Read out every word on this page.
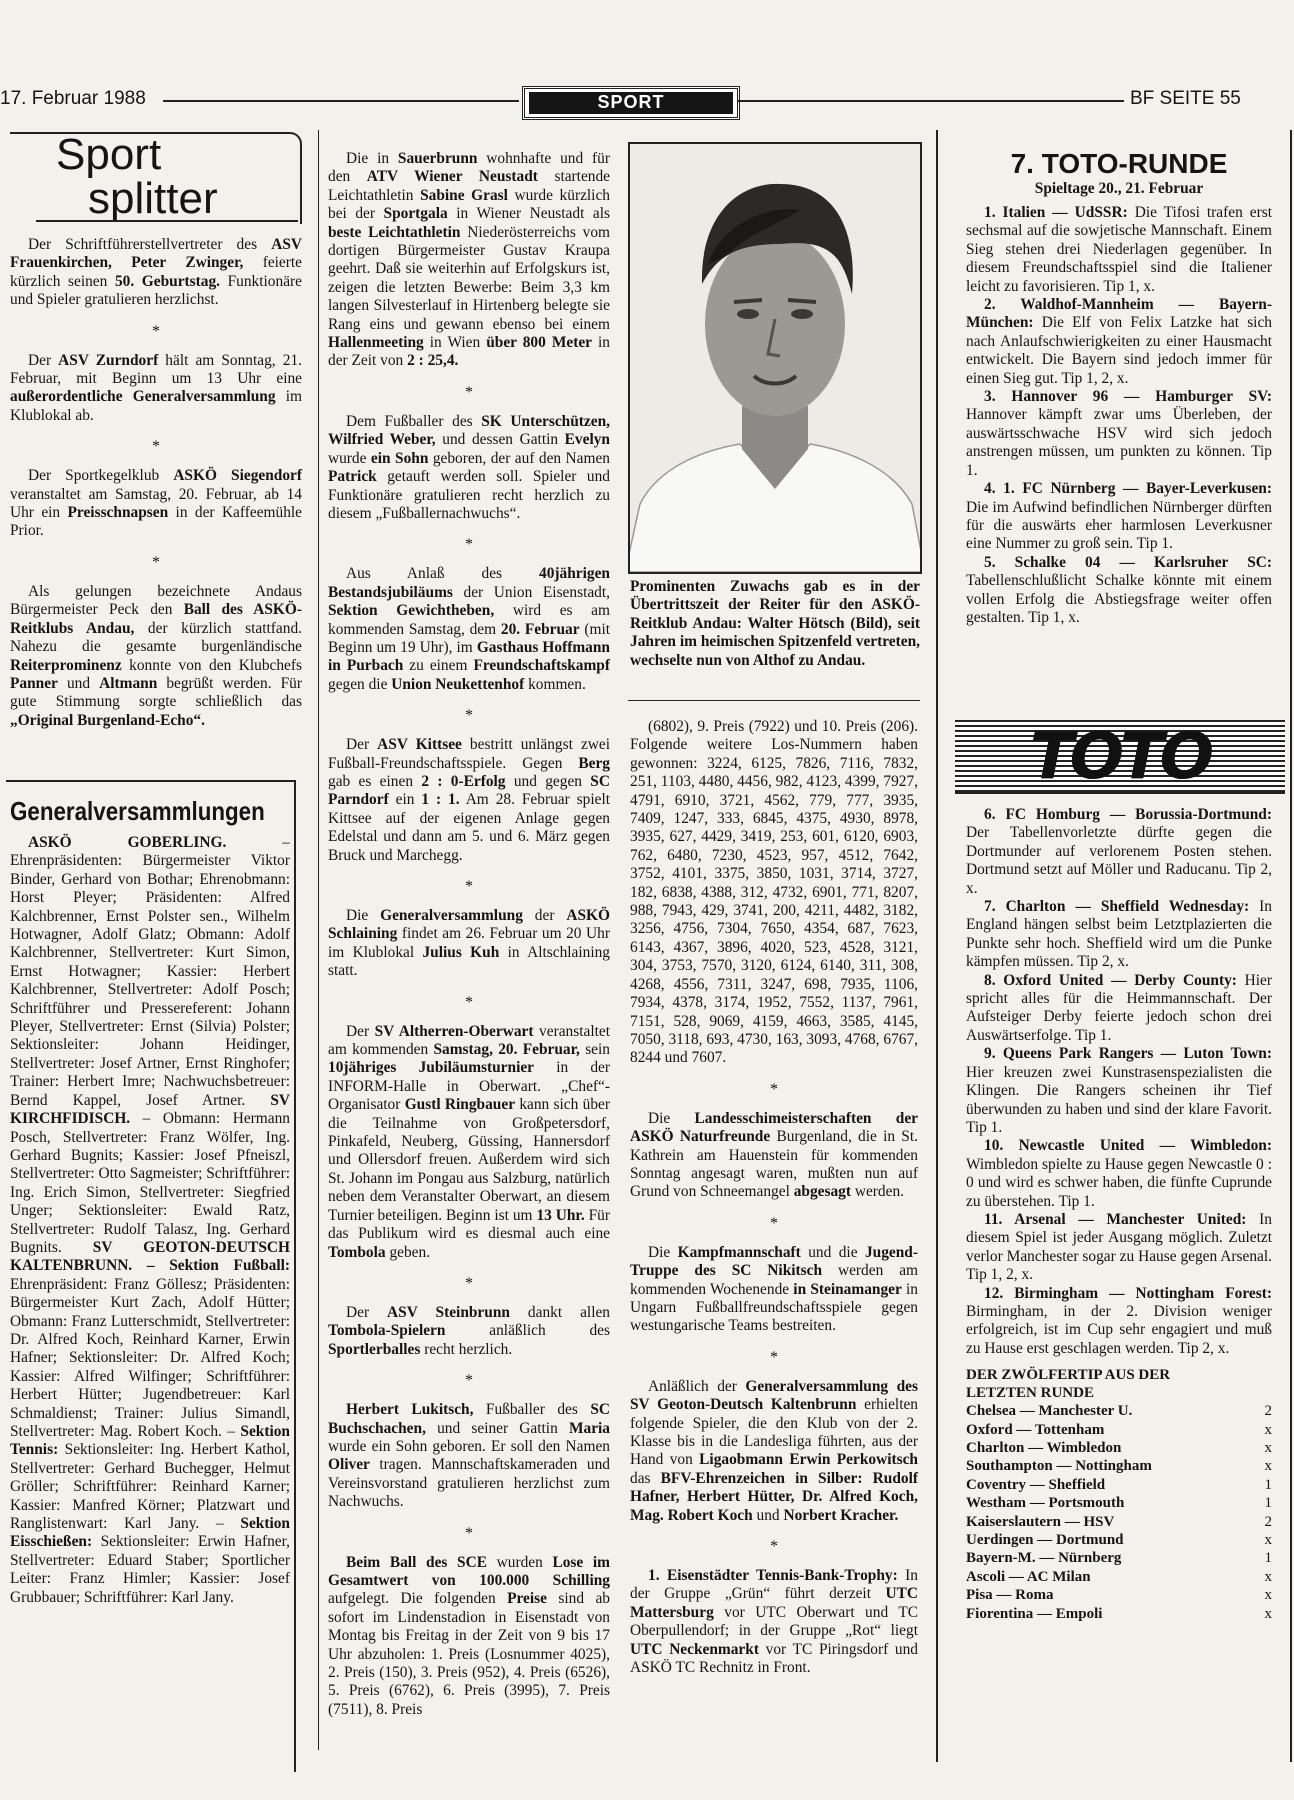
17. Februar 1988	SPORT	BF SEITE 55
Sport
splitter
Der Schriftführerstellvertreter des ASV Frauenkirchen, Peter Zwinger, feierte kürzlich seinen 50. Geburtstag. Funktionäre und Spieler gratulieren herzlichst.
*
Der ASV Zurndorf hält am Sonntag, 21. Februar, mit Beginn um 13 Uhr eine außerordentliche Generalversammlung im Klublokal ab.
*
Der Sportkegelklub ASKÖ Siegendorf veranstaltet am Samstag, 20. Februar, ab 14 Uhr ein Preisschnapsen in der Kaffeemühle Prior.
*
Als gelungen bezeichnete Andaus Bürgermeister Peck den Ball des ASKÖ-Reitklubs Andau, der kürzlich stattfand. Nahezu die gesamte burgenländische Reiterprominenz konnte von den Klubchefs Panner und Altmann begrüßt werden. Für gute Stimmung sorgte schließlich das „Original Burgenland-Echo“.
Generalversammlungen
ASKÖ GOBERLING. – Ehrenpräsidenten: Bürgermeister Viktor Binder, Gerhard von Bothar; Ehrenobmann: Horst Pleyer; Präsidenten: Alfred Kalchbrenner, Ernst Polster sen., Wilhelm Hotwagner, Adolf Glatz; Obmann: Adolf Kalchbrenner, Stellvertreter: Kurt Simon, Ernst Hotwagner; Kassier: Herbert Kalchbrenner, Stellvertreter: Adolf Posch; Schriftführer und Pressereferent: Johann Pleyer, Stellvertreter: Ernst (Silvia) Polster; Sektionsleiter: Johann Heidinger, Stellvertreter: Josef Artner, Ernst Ringhofer; Trainer: Herbert Imre; Nachwuchsbetreuer: Bernd Kappel, Josef Artner. SV KIRCHFIDISCH. – Obmann: Hermann Posch, Stellvertreter: Franz Wölfer, Ing. Gerhard Bugnits; Kassier: Josef Pfneiszl, Stellvertreter: Otto Sagmeister; Schriftführer: Ing. Erich Simon, Stellvertreter: Siegfried Unger; Sektionsleiter: Ewald Ratz, Stellvertreter: Rudolf Talasz, Ing. Gerhard Bugnits. SV GEOTON-DEUTSCH KALTENBRUNN. – Sektion Fußball: Ehrenpräsident: Franz Göllesz; Präsidenten: Bürgermeister Kurt Zach, Adolf Hütter; Obmann: Franz Lutterschmidt, Stellvertreter: Dr. Alfred Koch, Reinhard Karner, Erwin Hafner; Sektionsleiter: Dr. Alfred Koch; Kassier: Alfred Wilfinger; Schriftführer: Herbert Hütter; Jugendbetreuer: Karl Schmaldienst; Trainer: Julius Simandl, Stellvertreter: Mag. Robert Koch. – Sektion Tennis: Sektionsleiter: Ing. Herbert Kathol, Stellvertreter: Gerhard Buchegger, Helmut Gröller; Schriftführer: Reinhard Karner; Kassier: Manfred Körner; Platzwart und Ranglistenwart: Karl Jany. – Sektion Eisschießen: Sektionsleiter: Erwin Hafner, Stellvertreter: Eduard Staber; Sportlicher Leiter: Franz Himler; Kassier: Josef Grubbauer; Schriftführer: Karl Jany.
Die in Sauerbrunn wohnhafte und für den ATV Wiener Neustadt startende Leichtathletin Sabine Grasl wurde kürzlich bei der Sportgala in Wiener Neustadt als beste Leichtathletin Niederösterreichs vom dortigen Bürgermeister Gustav Kraupa geehrt. Daß sie weiterhin auf Erfolgskurs ist, zeigen die letzten Bewerbe: Beim 3,3 km langen Silvesterlauf in Hirtenberg belegte sie Rang eins und gewann ebenso bei einem Hallenmeeting in Wien über 800 Meter in der Zeit von 2 : 25,4.
*
Dem Fußballer des SK Unterschützen, Wilfried Weber, und dessen Gattin Evelyn wurde ein Sohn geboren, der auf den Namen Patrick getauft werden soll. Spieler und Funktionäre gratulieren recht herzlich zu diesem „Fußballernachwuchs“.
*
Aus Anlaß des 40jährigen Bestandsjubiläums der Union Eisenstadt, Sektion Gewichtheben, wird es am kommenden Samstag, dem 20. Februar (mit Beginn um 19 Uhr), im Gasthaus Hoffmann in Purbach zu einem Freundschaftskampf gegen die Union Neukettenhof kommen.
*
Der ASV Kittsee bestritt unlängst zwei Fußball-Freundschaftsspiele. Gegen Berg gab es einen 2 : 0-Erfolg und gegen SC Parndorf ein 1 : 1. Am 28. Februar spielt Kittsee auf der eigenen Anlage gegen Edelstal und dann am 5. und 6. März gegen Bruck und Marchegg.
*
Die Generalversammlung der ASKÖ Schlaining findet am 26. Februar um 20 Uhr im Klublokal Julius Kuh in Altschlaining statt.
*
Der SV Altherren-Oberwart veranstaltet am kommenden Samstag, 20. Februar, sein 10jähriges Jubiläumsturnier in der INFORM-Halle in Oberwart. „Chef“-Organisator Gustl Ringbauer kann sich über die Teilnahme von Großpetersdorf, Pinkafeld, Neuberg, Güssing, Hannersdorf und Ollersdorf freuen. Außerdem wird sich St. Johann im Pongau aus Salzburg, natürlich neben dem Veranstalter Oberwart, an diesem Turnier beteiligen. Beginn ist um 13 Uhr. Für das Publikum wird es diesmal auch eine Tombola geben.
*
Der ASV Steinbrunn dankt allen Tombola-Spielern anläßlich des Sportlerballes recht herzlich.
*
Herbert Lukitsch, Fußballer des SC Buchschachen, und seiner Gattin Maria wurde ein Sohn geboren. Er soll den Namen Oliver tragen. Mannschaftskameraden und Vereinsvorstand gratulieren herzlichst zum Nachwuchs.
*
Beim Ball des SCE wurden Lose im Gesamtwert von 100.000 Schilling aufgelegt. Die folgenden Preise sind ab sofort im Lindenstadion in Eisenstadt von Montag bis Freitag in der Zeit von 9 bis 17 Uhr abzuholen: 1. Preis (Losnummer 4025), 2. Preis (150), 3. Preis (952), 4. Preis (6526), 5. Preis (6762), 6. Preis (3995), 7. Preis (7511), 8. Preis
Prominenten Zuwachs gab es in der Übertrittszeit der Reiter für den ASKÖ-Reitklub Andau: Walter Hötsch (Bild), seit Jahren im heimischen Spitzenfeld vertreten, wechselte nun von Althof zu Andau.
(6802), 9. Preis (7922) und 10. Preis (206). Folgende weitere Los-Nummern haben gewonnen: 3224, 6125, 7826, 7116, 7832, 251, 1103, 4480, 4456, 982, 4123, 4399, 7927, 4791, 6910, 3721, 4562, 779, 777, 3935, 7409, 1247, 333, 6845, 4375, 4930, 8978, 3935, 627, 4429, 3419, 253, 601, 6120, 6903, 762, 6480, 7230, 4523, 957, 4512, 7642, 3752, 4101, 3375, 3850, 1031, 3714, 3727, 182, 6838, 4388, 312, 4732, 6901, 771, 8207, 988, 7943, 429, 3741, 200, 4211, 4482, 3182, 3256, 4756, 7304, 7650, 4354, 687, 7623, 6143, 4367, 3896, 4020, 523, 4528, 3121, 304, 3753, 7570, 3120, 6124, 6140, 311, 308, 4268, 4556, 7311, 3247, 698, 7935, 1106, 7934, 4378, 3174, 1952, 7552, 1137, 7961, 7151, 528, 9069, 4159, 4663, 3585, 4145, 7050, 3118, 693, 4730, 163, 3093, 4768, 6767, 8244 und 7607.
*
Die Landesschimeisterschaften der ASKÖ Naturfreunde Burgenland, die in St. Kathrein am Hauenstein für kommenden Sonntag angesagt waren, mußten nun auf Grund von Schneemangel abgesagt werden.
*
Die Kampfmannschaft und die Jugend-Truppe des SC Nikitsch werden am kommenden Wochenende in Steinamanger in Ungarn Fußballfreundschaftsspiele gegen westungarische Teams bestreiten.
*
Anläßlich der Generalversammlung des SV Geoton-Deutsch Kaltenbrunn erhielten folgende Spieler, die den Klub von der 2. Klasse bis in die Landesliga führten, aus der Hand von Ligaobmann Erwin Perkowitsch das BFV-Ehrenzeichen in Silber: Rudolf Hafner, Herbert Hütter, Dr. Alfred Koch, Mag. Robert Koch und Norbert Kracher.
*
1. Eisenstädter Tennis-Bank-Trophy: In der Gruppe „Grün“ führt derzeit UTC Mattersburg vor UTC Oberwart und TC Oberpullendorf; in der Gruppe „Rot“ liegt UTC Neckenmarkt vor TC Piringsdorf und ASKÖ TC Rechnitz in Front.
7. TOTO-RUNDE
Spieltage 20., 21. Februar
1. Italien — UdSSR: Die Tifosi trafen erst sechsmal auf die sowjetische Mannschaft. Einem Sieg stehen drei Niederlagen gegenüber. In diesem Freundschaftsspiel sind die Italiener leicht zu favorisieren. Tip 1, x.
2. Waldhof-Mannheim — Bayern-München: Die Elf von Felix Latzke hat sich nach Anlaufschwierigkeiten zu einer Hausmacht entwickelt. Die Bayern sind jedoch immer für einen Sieg gut. Tip 1, 2, x.
3. Hannover 96 — Hamburger SV: Hannover kämpft zwar ums Überleben, der auswärtsschwache HSV wird sich jedoch anstrengen müssen, um punkten zu können. Tip 1.
4. 1. FC Nürnberg — Bayer-Leverkusen: Die im Aufwind befindlichen Nürnberger dürften für die auswärts eher harmlosen Leverkusner eine Nummer zu groß sein. Tip 1.
5. Schalke 04 — Karlsruher SC: Tabellenschlußlicht Schalke könnte mit einem vollen Erfolg die Abstiegsfrage weiter offen gestalten. Tip 1, x.
TOTO
6. FC Homburg — Borussia-Dortmund: Der Tabellenvorletzte dürfte gegen die Dortmunder auf verlorenem Posten stehen. Dortmund setzt auf Möller und Raducanu. Tip 2, x.
7. Charlton — Sheffield Wednesday: In England hängen selbst beim Letztplazierten die Punkte sehr hoch. Sheffield wird um die Punke kämpfen müssen. Tip 2, x.
8. Oxford United — Derby County: Hier spricht alles für die Heimmannschaft. Der Aufsteiger Derby feierte jedoch schon drei Auswärtserfolge. Tip 1.
9. Queens Park Rangers — Luton Town: Hier kreuzen zwei Kunstrasenspezialisten die Klingen. Die Rangers scheinen ihr Tief überwunden zu haben und sind der klare Favorit. Tip 1.
10. Newcastle United — Wimbledon: Wimbledon spielte zu Hause gegen Newcastle 0 : 0 und wird es schwer haben, die fünfte Cuprunde zu überstehen. Tip 1.
11. Arsenal — Manchester United: In diesem Spiel ist jeder Ausgang möglich. Zuletzt verlor Manchester sogar zu Hause gegen Arsenal. Tip 1, 2, x.
12. Birmingham — Nottingham Forest: Birmingham, in der 2. Division weniger erfolgreich, ist im Cup sehr engagiert und muß zu Hause erst geschlagen werden. Tip 2, x.
DER ZWÖLFERTIP AUS DER LETZTEN RUNDE
Chelsea — Manchester U.	2
Oxford — Tottenham	x
Charlton — Wimbledon	x
Southampton — Nottingham	x
Coventry — Sheffield	1
Westham — Portsmouth	1
Kaiserslautern — HSV	2
Uerdingen — Dortmund	x
Bayern-M. — Nürnberg	1
Ascoli — AC Milan	x
Pisa — Roma	x
Fiorentina — Empoli	x
